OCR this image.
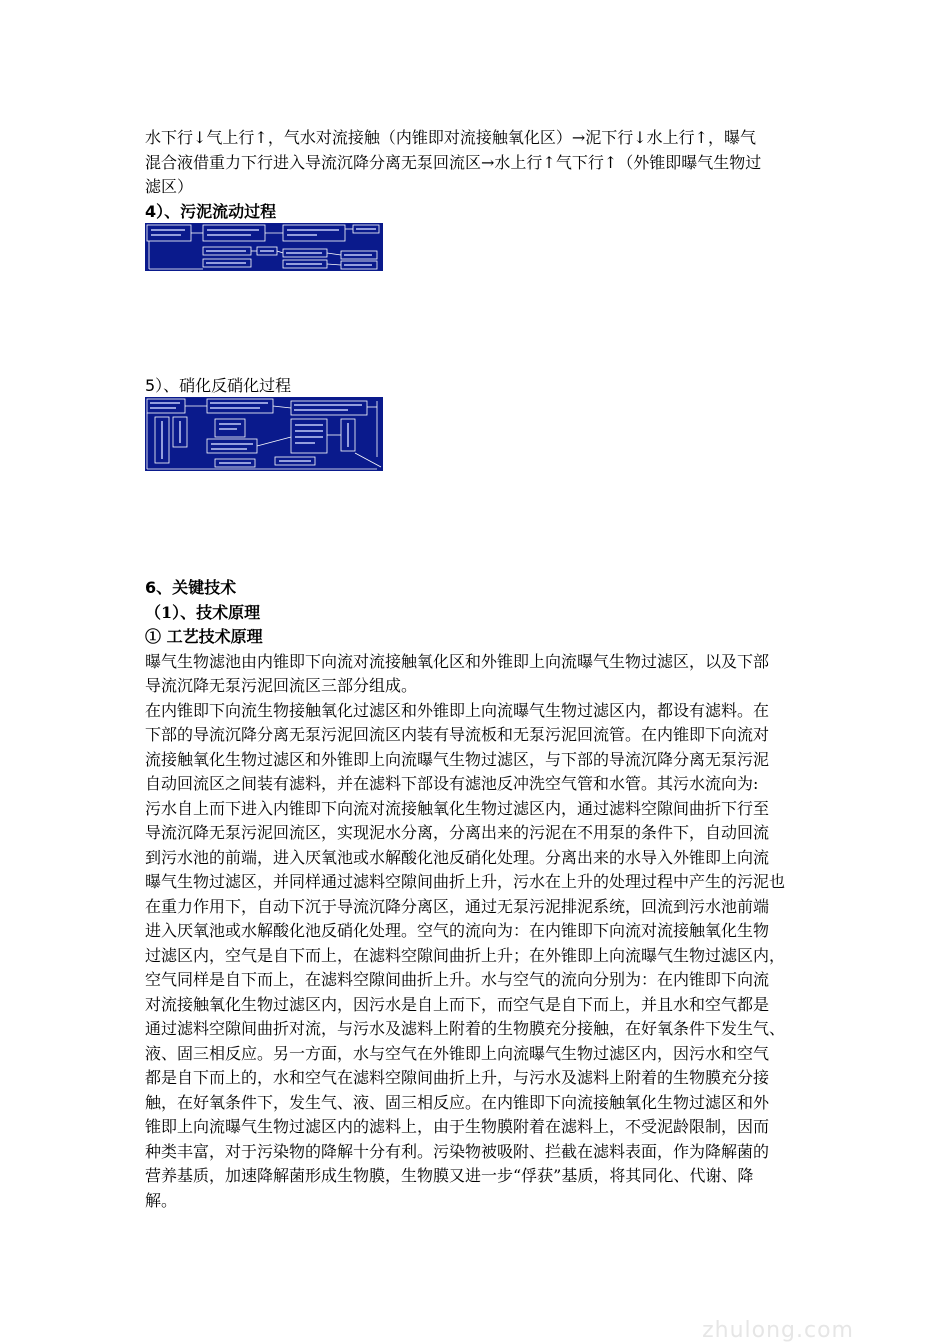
水下行↓气上行↑，气水对流接触（内锥即对流接触氧化区）→泥下行↓水上行↑，曝气
混合液借重力下行进入导流沉降分离无泵回流区→水上行↑气下行↑（外锥即曝气生物过
滤区）
4）、污泥流动过程
5）、硝化反硝化过程
6、关键技术
（1）、技术原理
① 工艺技术原理
曝气生物滤池由内锥即下向流对流接触氧化区和外锥即上向流曝气生物过滤区，以及下部
导流沉降无泵污泥回流区三部分组成。
在内锥即下向流生物接触氧化过滤区和外锥即上向流曝气生物过滤区内，都设有滤料。在
下部的导流沉降分离无泵污泥回流区内装有导流板和无泵污泥回流管。在内锥即下向流对
流接触氧化生物过滤区和外锥即上向流曝气生物过滤区，与下部的导流沉降分离无泵污泥
自动回流区之间装有滤料，并在滤料下部设有滤池反冲洗空气管和水管。其污水流向为:
污水自上而下进入内锥即下向流对流接触氧化生物过滤区内，通过滤料空隙间曲折下行至
导流沉降无泵污泥回流区，实现泥水分离，分离出来的污泥在不用泵的条件下，自动回流
到污水池的前端，进入厌氧池或水解酸化池反硝化处理。分离出来的水导入外锥即上向流
曝气生物过滤区，并同样通过滤料空隙间曲折上升，污水在上升的处理过程中产生的污泥也
在重力作用下，自动下沉于导流沉降分离区，通过无泵污泥排泥系统，回流到污水池前端
进入厌氧池或水解酸化池反硝化处理。空气的流向为：在内锥即下向流对流接触氧化生物
过滤区内，空气是自下而上，在滤料空隙间曲折上升；在外锥即上向流曝气生物过滤区内，
空气同样是自下而上，在滤料空隙间曲折上升。水与空气的流向分别为：在内锥即下向流
对流接触氧化生物过滤区内，因污水是自上而下，而空气是自下而上，并且水和空气都是
通过滤料空隙间曲折对流，与污水及滤料上附着的生物膜充分接触，在好氧条件下发生气、
液、固三相反应。另一方面，水与空气在外锥即上向流曝气生物过滤区内，因污水和空气
都是自下而上的，水和空气在滤料空隙间曲折上升，与污水及滤料上附着的生物膜充分接
触，在好氧条件下，发生气、液、固三相反应。在内锥即下向流接触氧化生物过滤区和外
锥即上向流曝气生物过滤区内的滤料上，由于生物膜附着在滤料上，不受泥龄限制，因而
种类丰富，对于污染物的降解十分有利。污染物被吸附、拦截在滤料表面，作为降解菌的
营养基质，加速降解菌形成生物膜，生物膜又进一步“俘获”基质，将其同化、代谢、降
解。
zhulong.com
